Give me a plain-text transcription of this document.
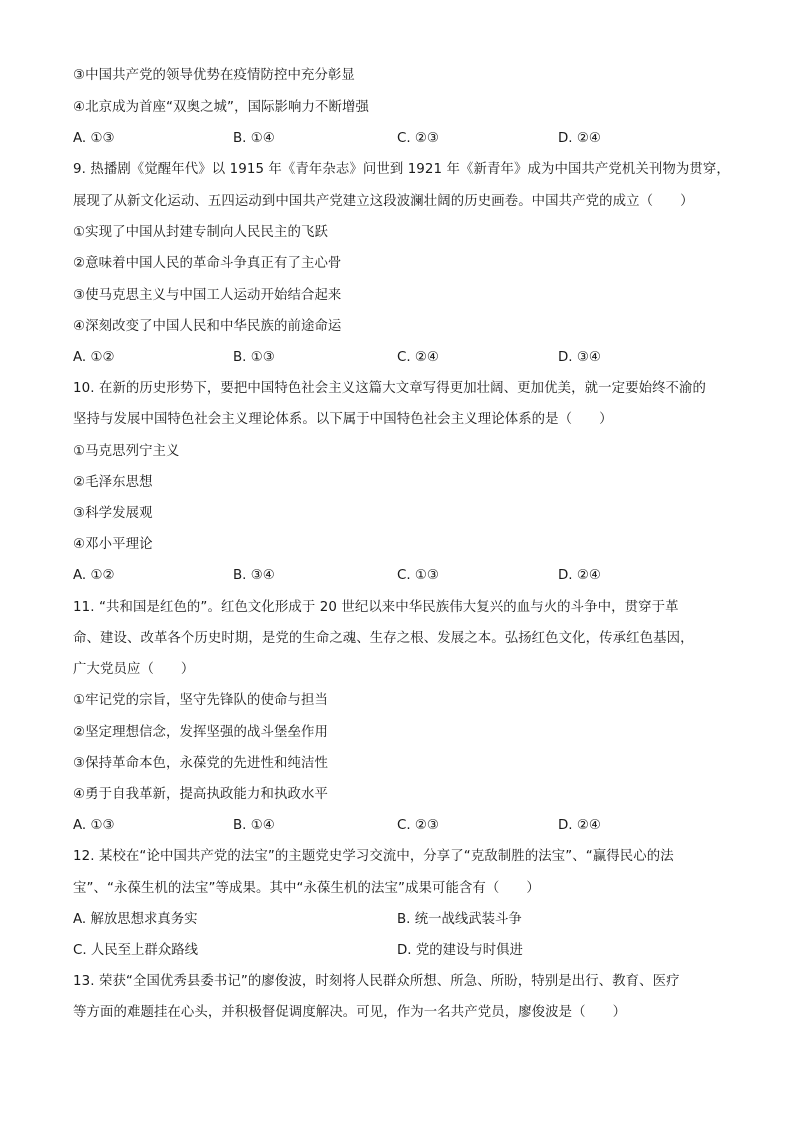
③中国共产党的领导优势在疫情防控中充分彰显
④北京成为首座“双奥之城”，国际影响力不断增强
A. ①③	B. ①④	C. ②③	D. ②④
9. 热播剧《觉醒年代》以 1915 年《青年杂志》问世到 1921 年《新青年》成为中国共产党机关刊物为贯穿，
展现了从新文化运动、五四运动到中国共产党建立这段波澜壮阔的历史画卷。中国共产党的成立（　　）
①实现了中国从封建专制向人民民主的飞跃
②意味着中国人民的革命斗争真正有了主心骨
③使马克思主义与中国工人运动开始结合起来
④深刻改变了中国人民和中华民族的前途命运
A. ①②	B. ①③	C. ②④	D. ③④
10. 在新的历史形势下，要把中国特色社会主义这篇大文章写得更加壮阔、更加优美，就一定要始终不渝的
坚持与发展中国特色社会主义理论体系。以下属于中国特色社会主义理论体系的是（　　）
①马克思列宁主义
②毛泽东思想
③科学发展观
④邓小平理论
A. ①②	B. ③④	C. ①③	D. ②④
11. “共和国是红色的”。红色文化形成于 20 世纪以来中华民族伟大复兴的血与火的斗争中，贯穿于革
命、建设、改革各个历史时期，是党的生命之魂、生存之根、发展之本。弘扬红色文化，传承红色基因，
广大党员应（　　）
①牢记党的宗旨，坚守先锋队的使命与担当
②坚定理想信念，发挥坚强的战斗堡垒作用
③保持革命本色，永葆党的先进性和纯洁性
④勇于自我革新，提高执政能力和执政水平
A. ①③	B. ①④	C. ②③	D. ②④
12. 某校在“论中国共产党的法宝”的主题党史学习交流中，分享了“克敌制胜的法宝”、“赢得民心的法
宝”、“永葆生机的法宝”等成果。其中“永葆生机的法宝”成果可能含有（　　）
A. 解放思想求真务实	B. 统一战线武装斗争
C. 人民至上群众路线	D. 党的建设与时俱进
13. 荣获“全国优秀县委书记”的廖俊波，时刻将人民群众所想、所急、所盼，特别是出行、教育、医疗
等方面的难题挂在心头，并积极督促调度解决。可见，作为一名共产党员，廖俊波是（　　）
